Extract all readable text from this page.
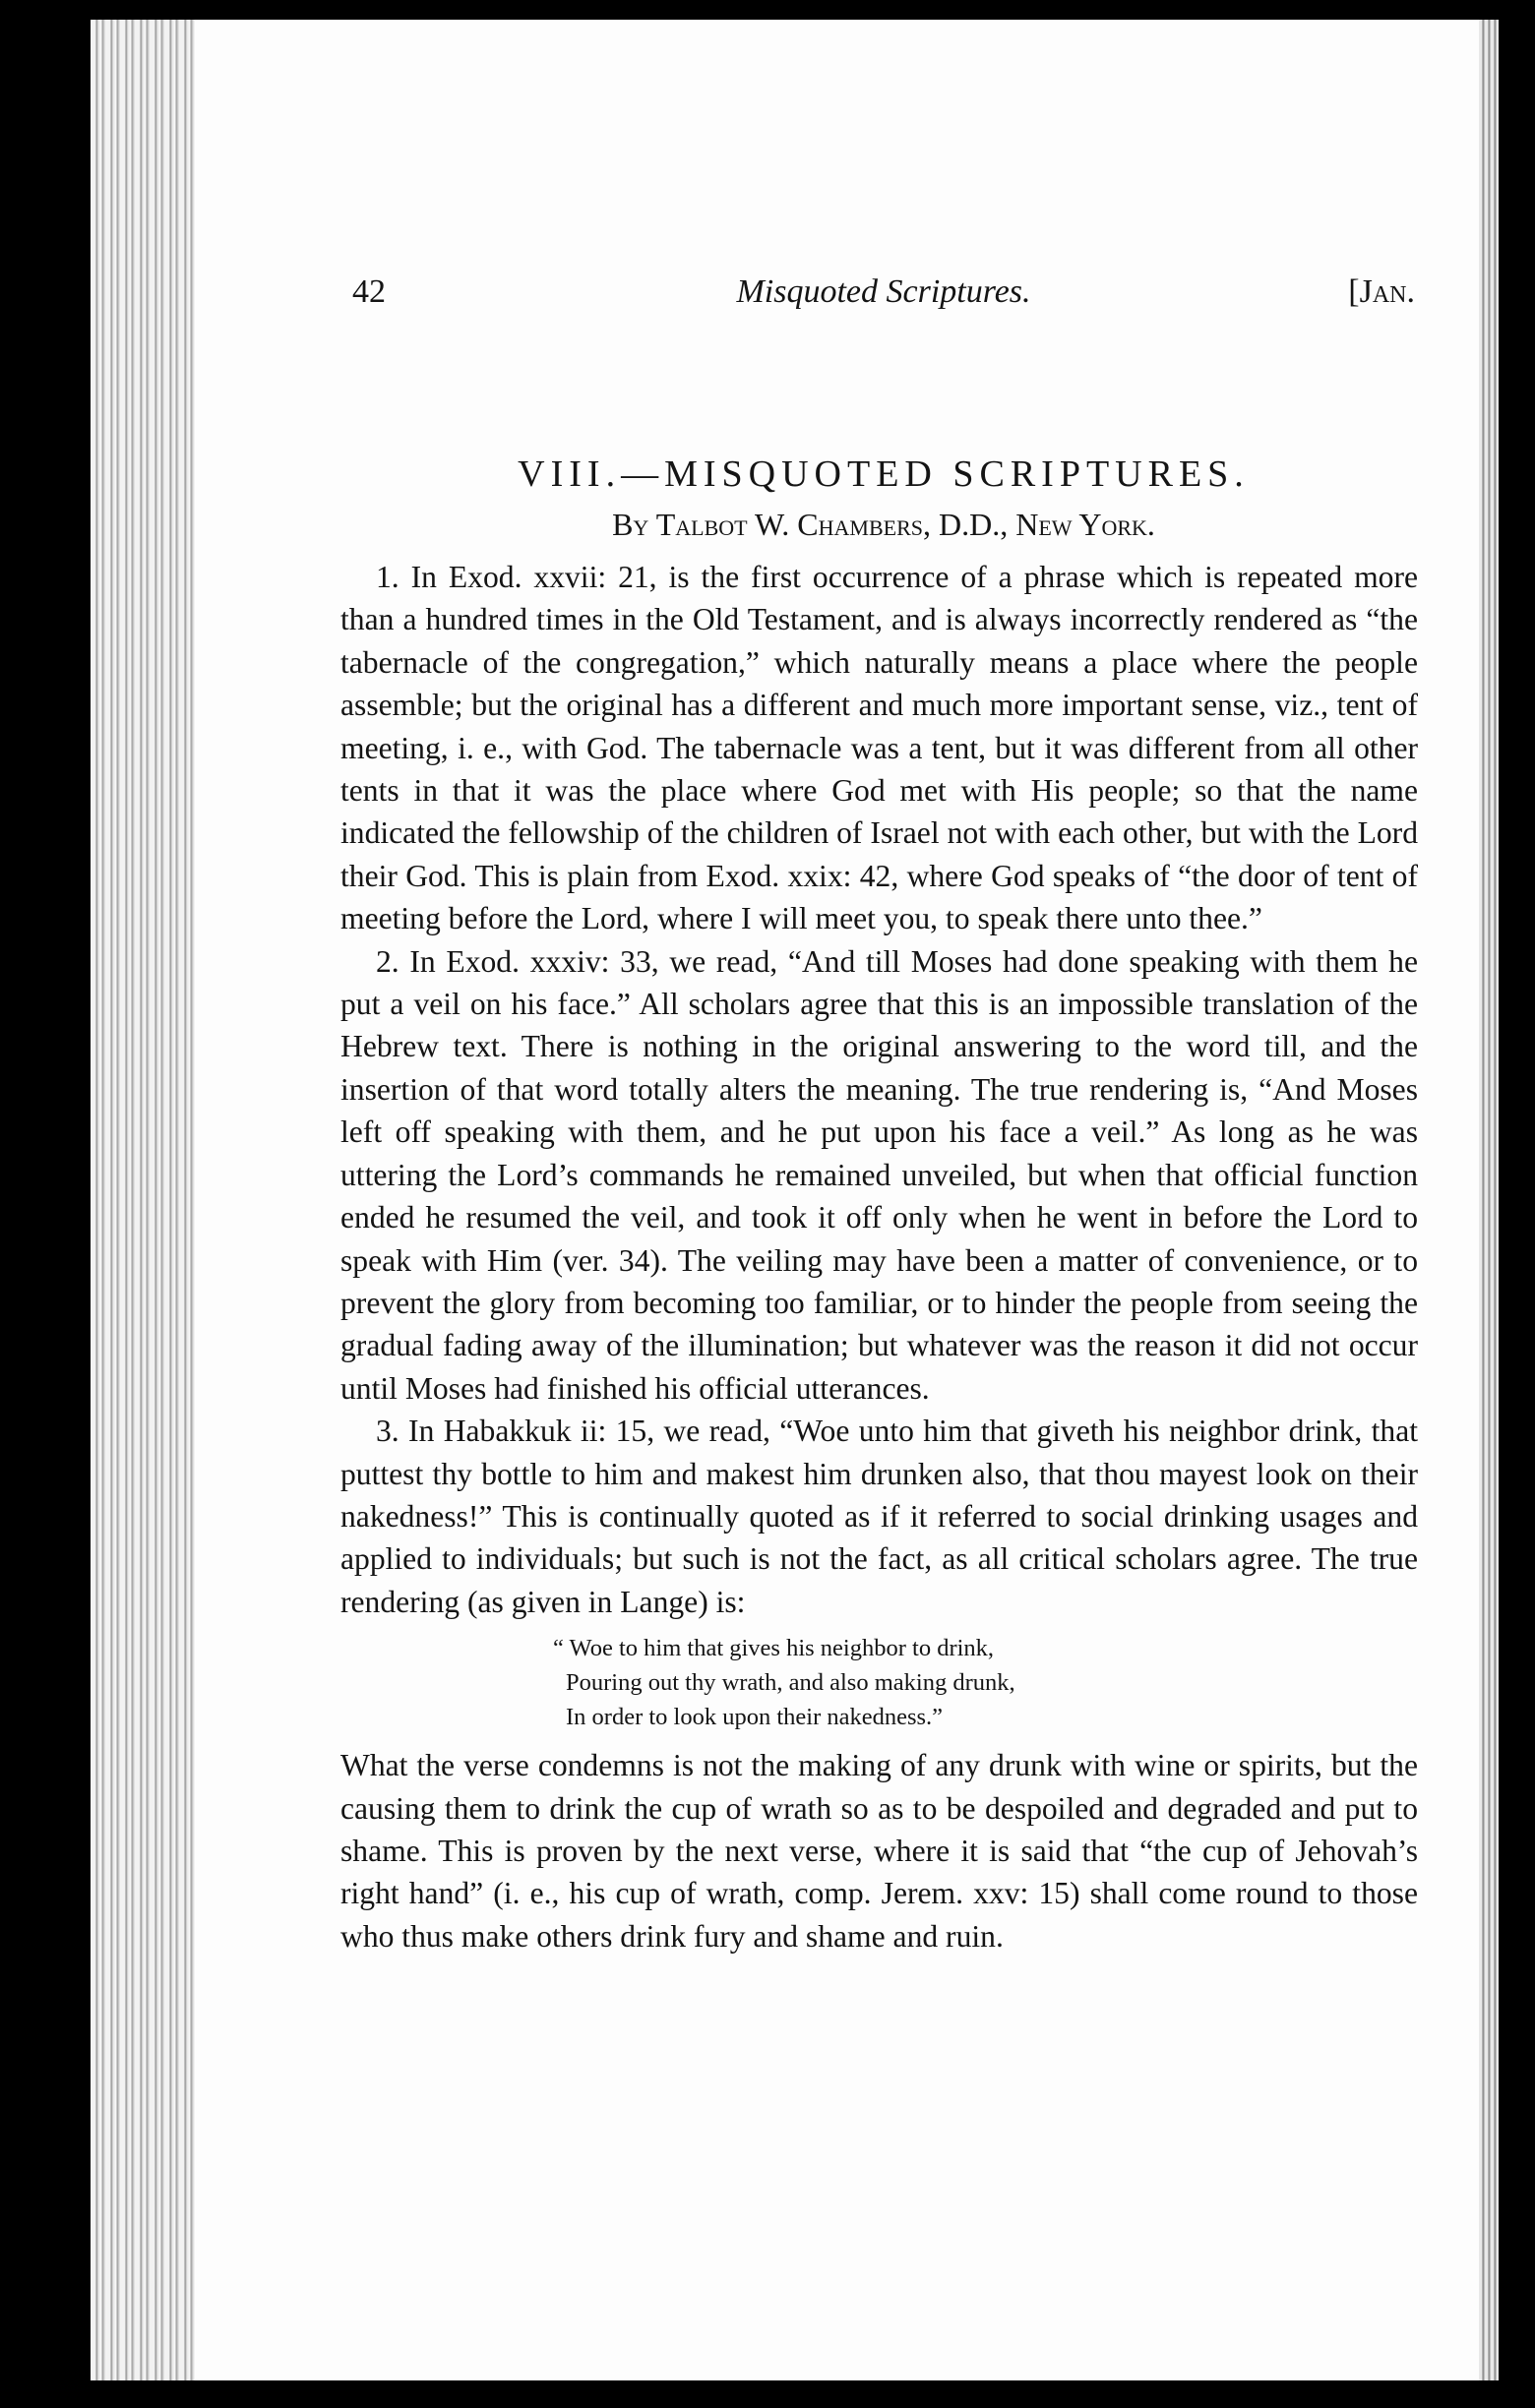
42	Misquoted Scriptures.	[Jan.
VIII.—MISQUOTED SCRIPTURES.
By Talbot W. Chambers, D.D., New York.

1. In Exod. xxvii: 21, is the first occurrence of a phrase which is repeated more than a hundred times in the Old Testament, and is always incorrectly rendered as “the tabernacle of the congregation,” which naturally means a place where the people assemble; but the original has a different and much more important sense, viz., tent of meeting, i. e., with God. The tabernacle was a tent, but it was different from all other tents in that it was the place where God met with His people; so that the name indicated the fellowship of the children of Israel not with each other, but with the Lord their God. This is plain from Exod. xxix: 42, where God speaks of “the door of tent of meeting before the Lord, where I will meet you, to speak there unto thee.”

2. In Exod. xxxiv: 33, we read, “And till Moses had done speaking with them he put a veil on his face.” All scholars agree that this is an impossible translation of the Hebrew text. There is nothing in the original answering to the word till, and the insertion of that word totally alters the meaning. The true rendering is, “And Moses left off speaking with them, and he put upon his face a veil.” As long as he was uttering the Lord’s commands he remained unveiled, but when that official function ended he resumed the veil, and took it off only when he went in before the Lord to speak with Him (ver. 34). The veiling may have been a matter of convenience, or to prevent the glory from becoming too familiar, or to hinder the people from seeing the gradual fading away of the illumination; but whatever was the reason it did not occur until Moses had finished his official utterances.

3. In Habakkuk ii: 15, we read, “Woe unto him that giveth his neighbor drink, that puttest thy bottle to him and makest him drunken also, that thou mayest look on their nakedness!” This is continually quoted as if it referred to social drinking usages and applied to individuals; but such is not the fact, as all critical scholars agree. The true rendering (as given in Lange) is:

“ Woe to him that gives his neighbor to drink,
Pouring out thy wrath, and also making drunk,
In order to look upon their nakedness.”

What the verse condemns is not the making of any drunk with wine or spirits, but the causing them to drink the cup of wrath so as to be despoiled and degraded and put to shame. This is proven by the next verse, where it is said that “the cup of Jehovah’s right hand” (i. e., his cup of wrath, comp. Jerem. xxv: 15) shall come round to those who thus make others drink fury and shame and ruin.
